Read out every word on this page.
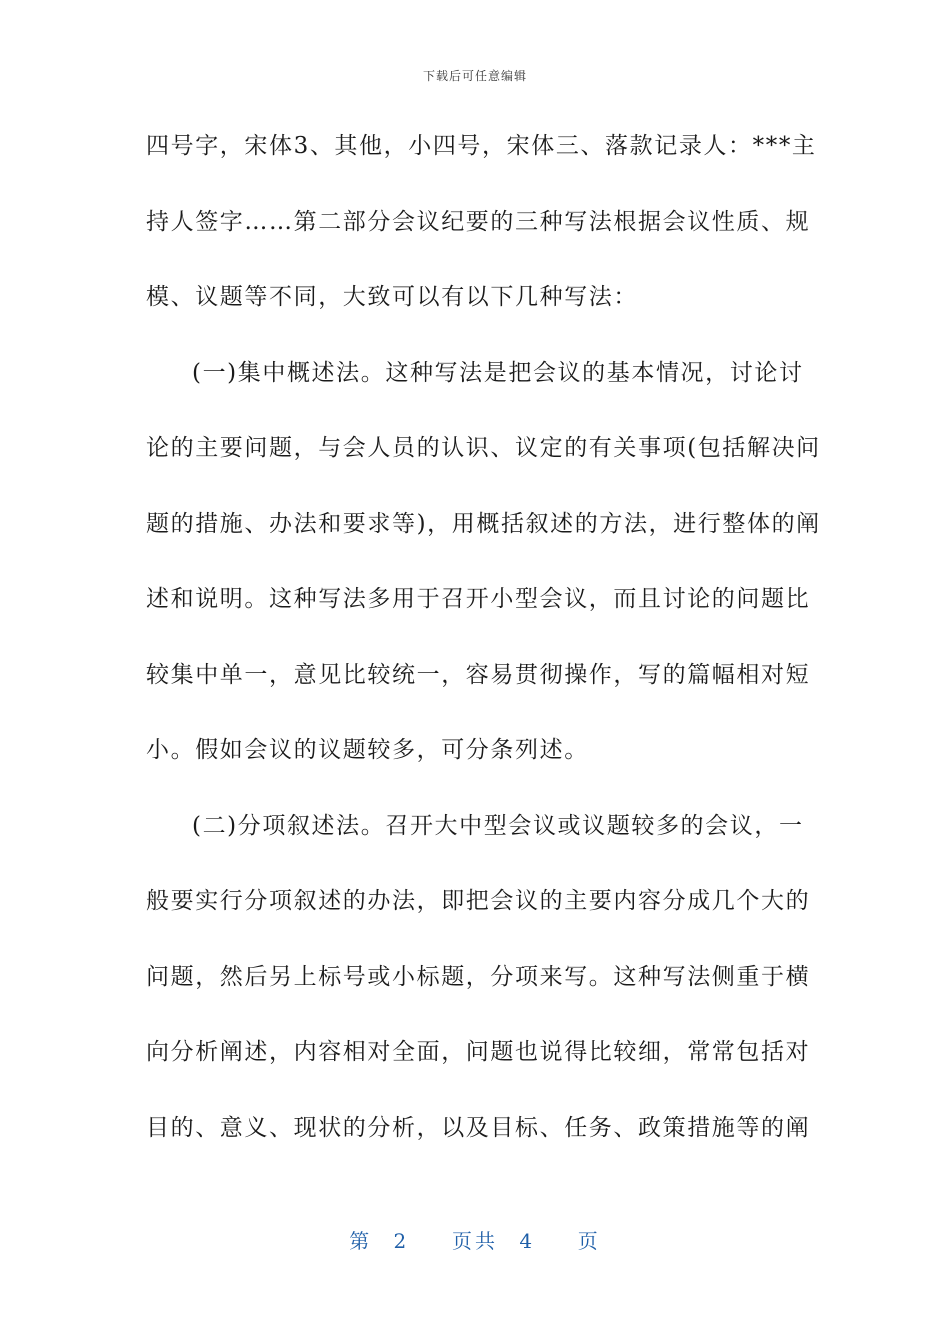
下载后可任意编辑
四号字，宋体3、其他，小四号，宋体三、落款记录人：***主
持人签字……第二部分会议纪要的三种写法根据会议性质、规
模、议题等不同，大致可以有以下几种写法：
(一)集中概述法。这种写法是把会议的基本情况，讨论讨
论的主要问题，与会人员的认识、议定的有关事项(包括解决问
题的措施、办法和要求等)，用概括叙述的方法，进行整体的阐
述和说明。这种写法多用于召开小型会议，而且讨论的问题比
较集中单一，意见比较统一，容易贯彻操作，写的篇幅相对短
小。假如会议的议题较多，可分条列述。
(二)分项叙述法。召开大中型会议或议题较多的会议，一
般要实行分项叙述的办法，即把会议的主要内容分成几个大的
问题，然后另上标号或小标题，分项来写。这种写法侧重于横
向分析阐述，内容相对全面，问题也说得比较细，常常包括对
目的、意义、现状的分析，以及目标、任务、政策措施等的阐
第 2  页共 4  页
